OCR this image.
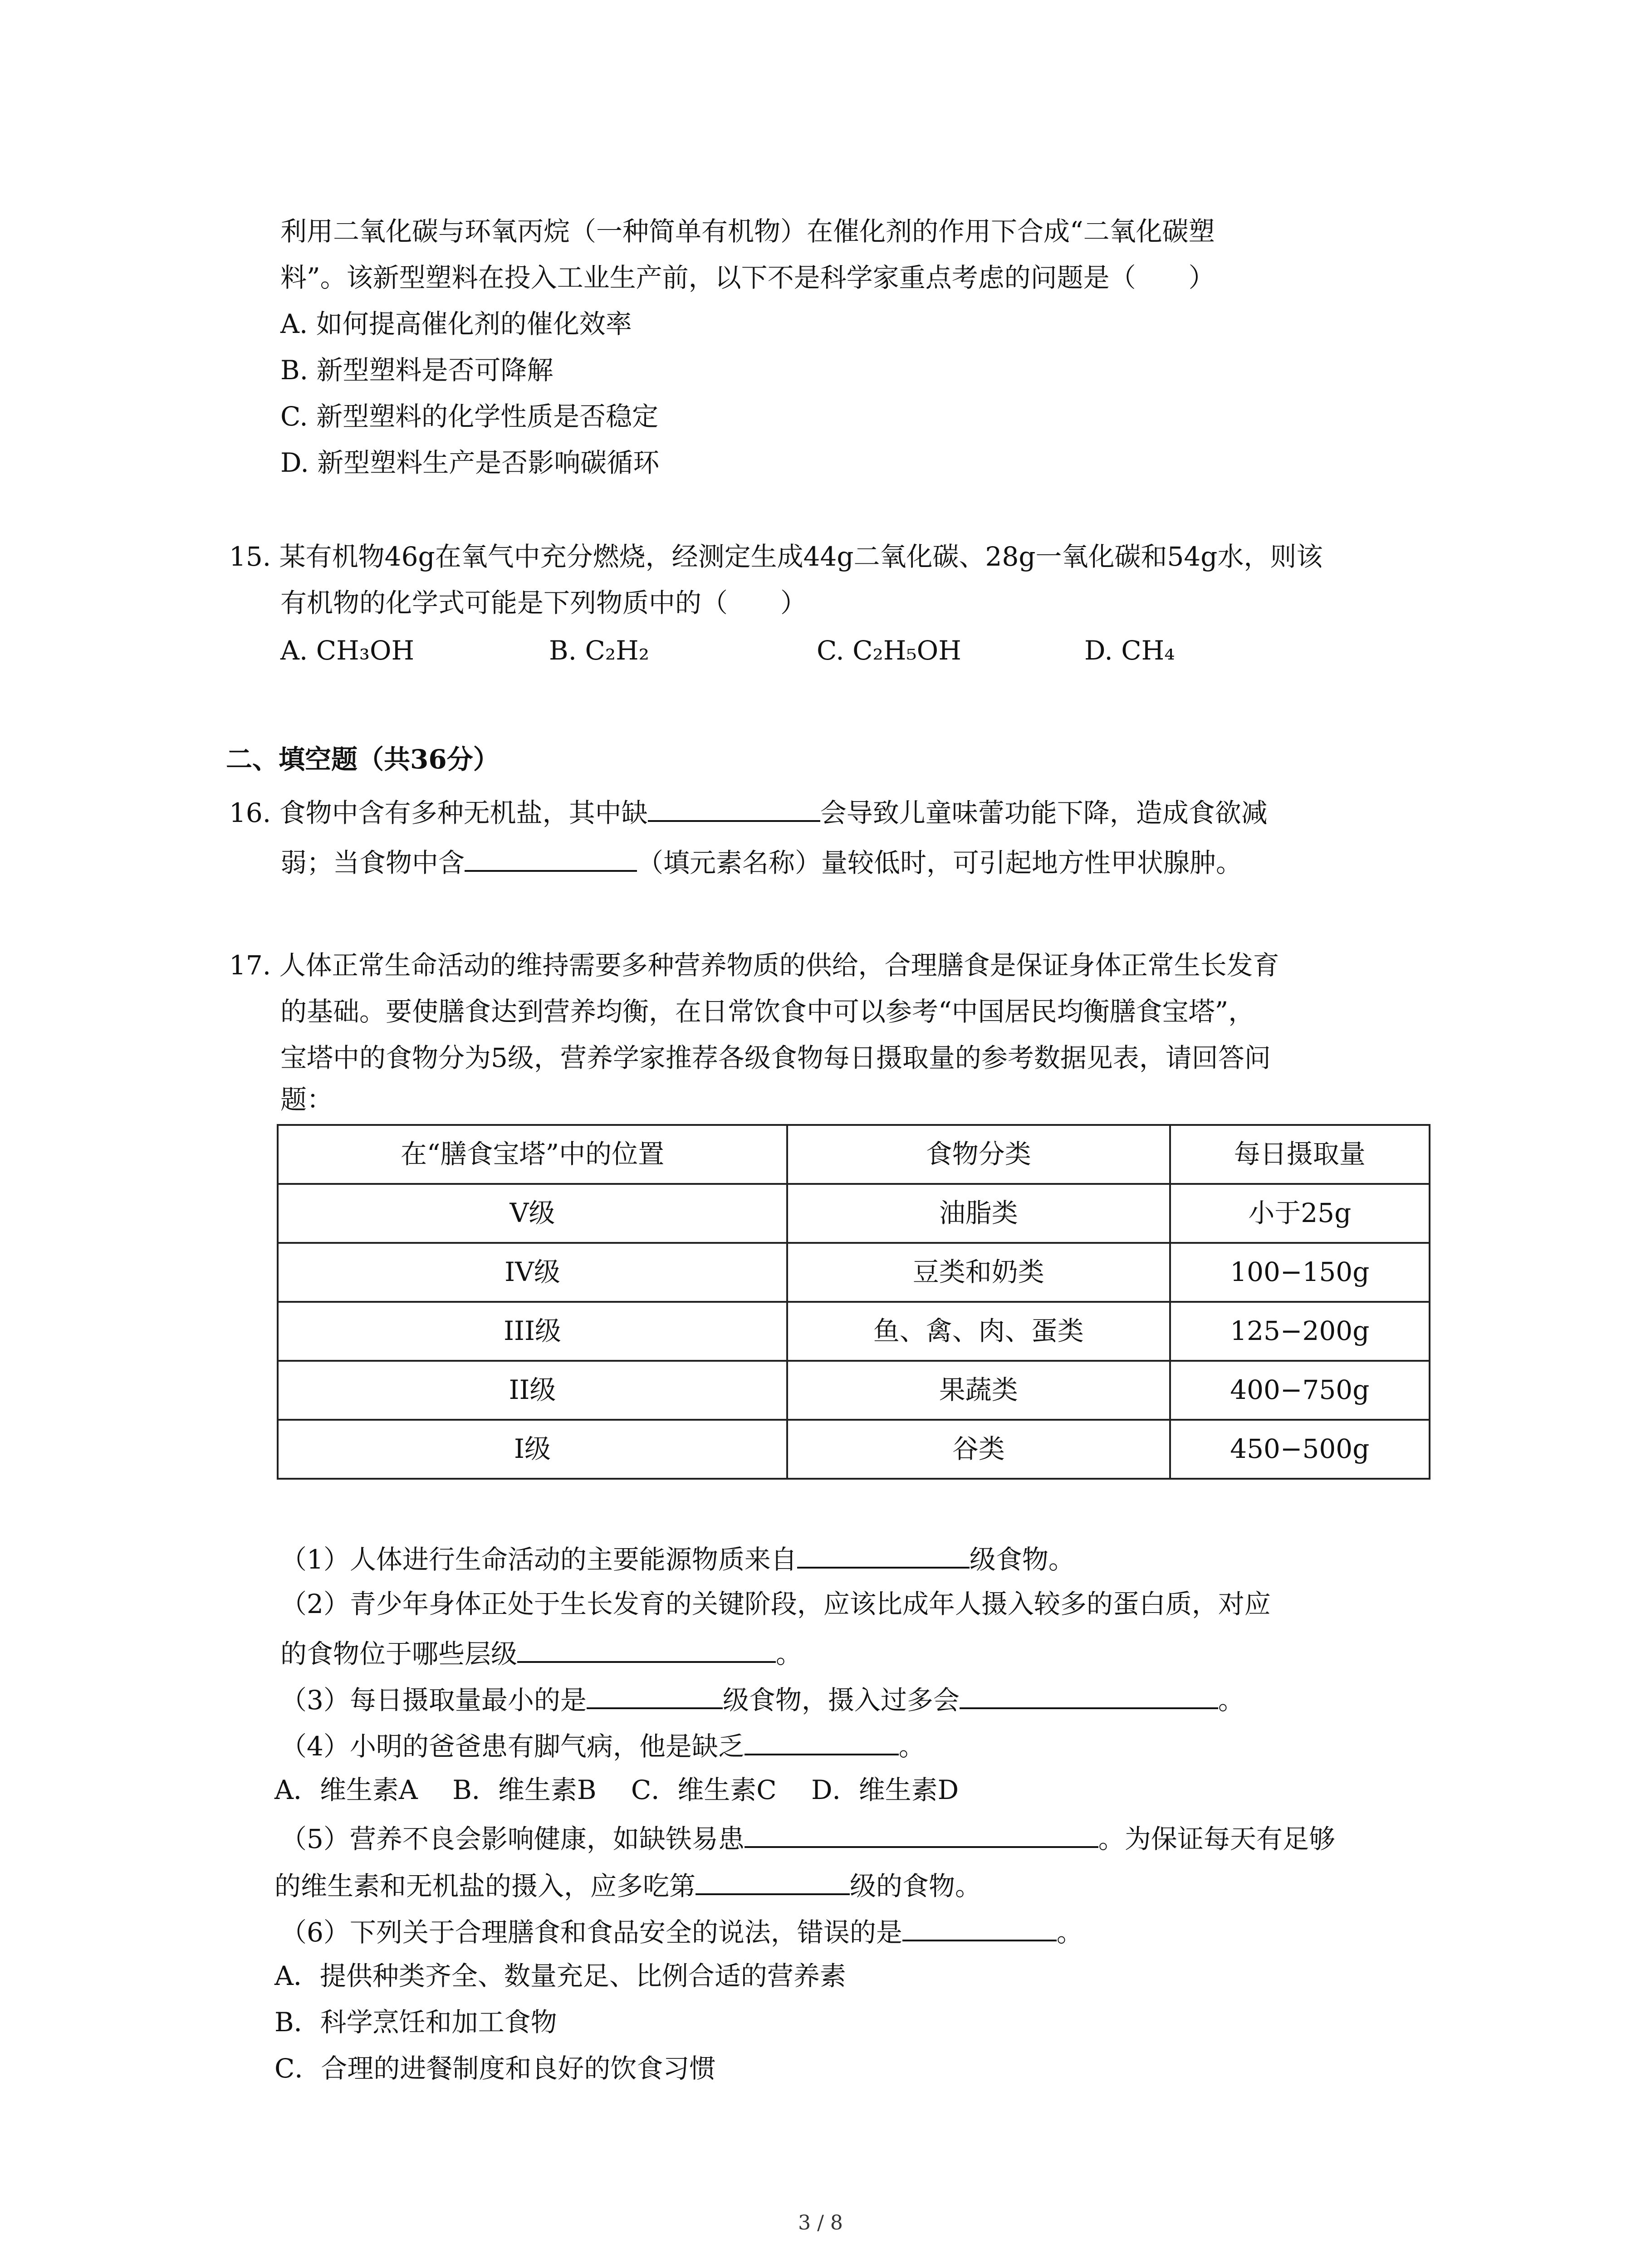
利用二氧化碳与环氧丙烷（一种简单有机物）在催化剂的作用下合成“二氧化碳塑
料”。该新型塑料在投入工业生产前，以下不是科学家重点考虑的问题是（　　）
A. 如何提高催化剂的催化效率
B. 新型塑料是否可降解
C. 新型塑料的化学性质是否稳定
D. 新型塑料生产是否影响碳循环
15. 某有机物46g在氧气中充分燃烧，经测定生成44g二氧化碳、28g一氧化碳和54g水，则该
有机物的化学式可能是下列物质中的（　　）
A. CH₃OH	B. C₂H₂	C. C₂H₅OH	D. CH₄
二、填空题（共36分）
16. 食物中含有多种无机盐，其中缺	会导致儿童味蕾功能下降，造成食欲减
弱；当食物中含	（填元素名称）量较低时，可引起地方性甲状腺肿。
17. 人体正常生命活动的维持需要多种营养物质的供给，合理膳食是保证身体正常生长发育
的基础。要使膳食达到营养均衡，在日常饮食中可以参考“中国居民均衡膳食宝塔”，
宝塔中的食物分为5级，营养学家推荐各级食物每日摄取量的参考数据见表，请回答问
题：
在“膳食宝塔”中的位置	食物分类	每日摄取量
V级	油脂类	小于25g
IV级	豆类和奶类	100−150g
III级	鱼、禽、肉、蛋类	125−200g
II级	果蔬类	400−750g
I级	谷类	450−500g
（1）人体进行生命活动的主要能源物质来自	级食物。
（2）青少年身体正处于生长发育的关键阶段，应该比成年人摄入较多的蛋白质，对应
的食物位于哪些层级	。
（3）每日摄取量最小的是	级食物，摄入过多会	。
（4）小明的爸爸患有脚气病，他是缺乏	。
A．维生素A　 B．维生素B　 C．维生素C　 D．维生素D
（5）营养不良会影响健康，如缺铁易患	。为保证每天有足够
的维生素和无机盐的摄入，应多吃第	级的食物。
（6）下列关于合理膳食和食品安全的说法，错误的是	。
A．提供种类齐全、数量充足、比例合适的营养素
B．科学烹饪和加工食物
C．合理的进餐制度和良好的饮食习惯
3 / 8
